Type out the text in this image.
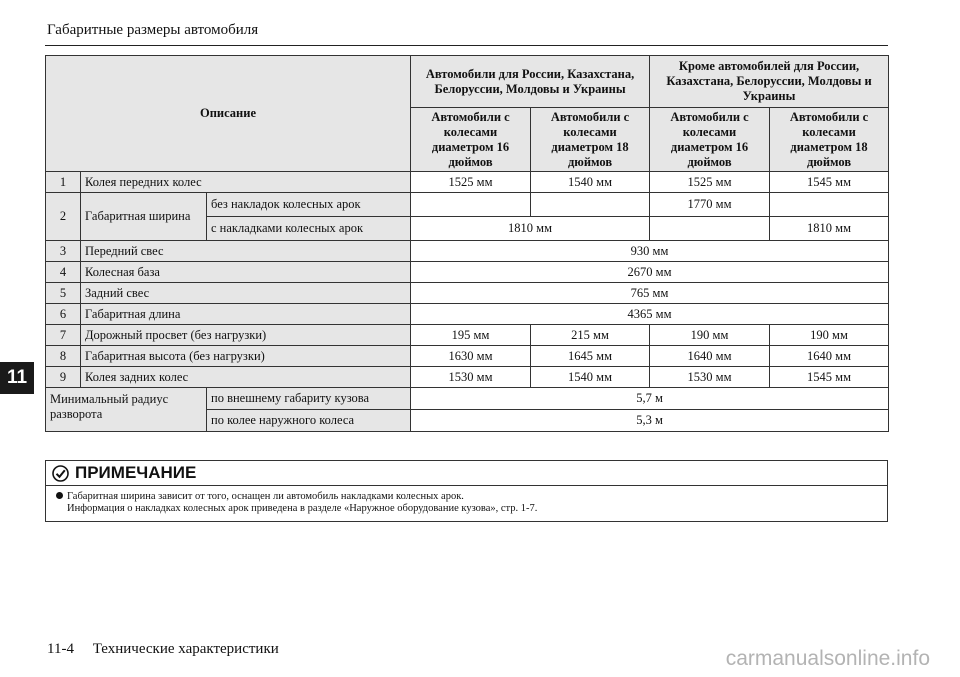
Габаритные размеры автомобиля
11
Описание			Автомобили для России, Казахстана, Белоруссии, Молдовы и Украины		Кроме автомобилей для России, Казахстана, Белоруссии, Молдовы и Украины	
			Автомобили с колесами диаметром 16 дюймов	Автомобили с колесами диаметром 18 дюймов	Автомобили с колесами диаметром 16 дюймов	Автомобили с колесами диаметром 18 дюймов
1	Колея передних колес		1525 мм	1540 мм	1525 мм	1545 мм
2	Габаритная ширина	без накладок колесных арок			1770 мм	
		с накладками колесных арок	1810 мм			1810 мм
3	Передний свес		930 мм			
4	Колесная база		2670 мм			
5	Задний свес		765 мм			
6	Габаритная длина		4365 мм			
7	Дорожный просвет (без нагрузки)		195 мм	215 мм	190 мм	190 мм
8	Габаритная высота (без нагрузки)		1630 мм	1645 мм	1640 мм	1640 мм
9	Колея задних колес		1530 мм	1540 мм	1530 мм	1545 мм
Минимальный радиус разворота		по внешнему габариту кузова	5,7 м			
		по колее наружного колеса	5,3 м			
ПРИМЕЧАНИЕ
Габаритная ширина зависит от того, оснащен ли автомобиль накладками колесных арок.
Информация о накладках колесных арок приведена в разделе «Наружное оборудование кузова», стр. 1-7.
11-4 Технические характеристики	carmanualsonline.info
